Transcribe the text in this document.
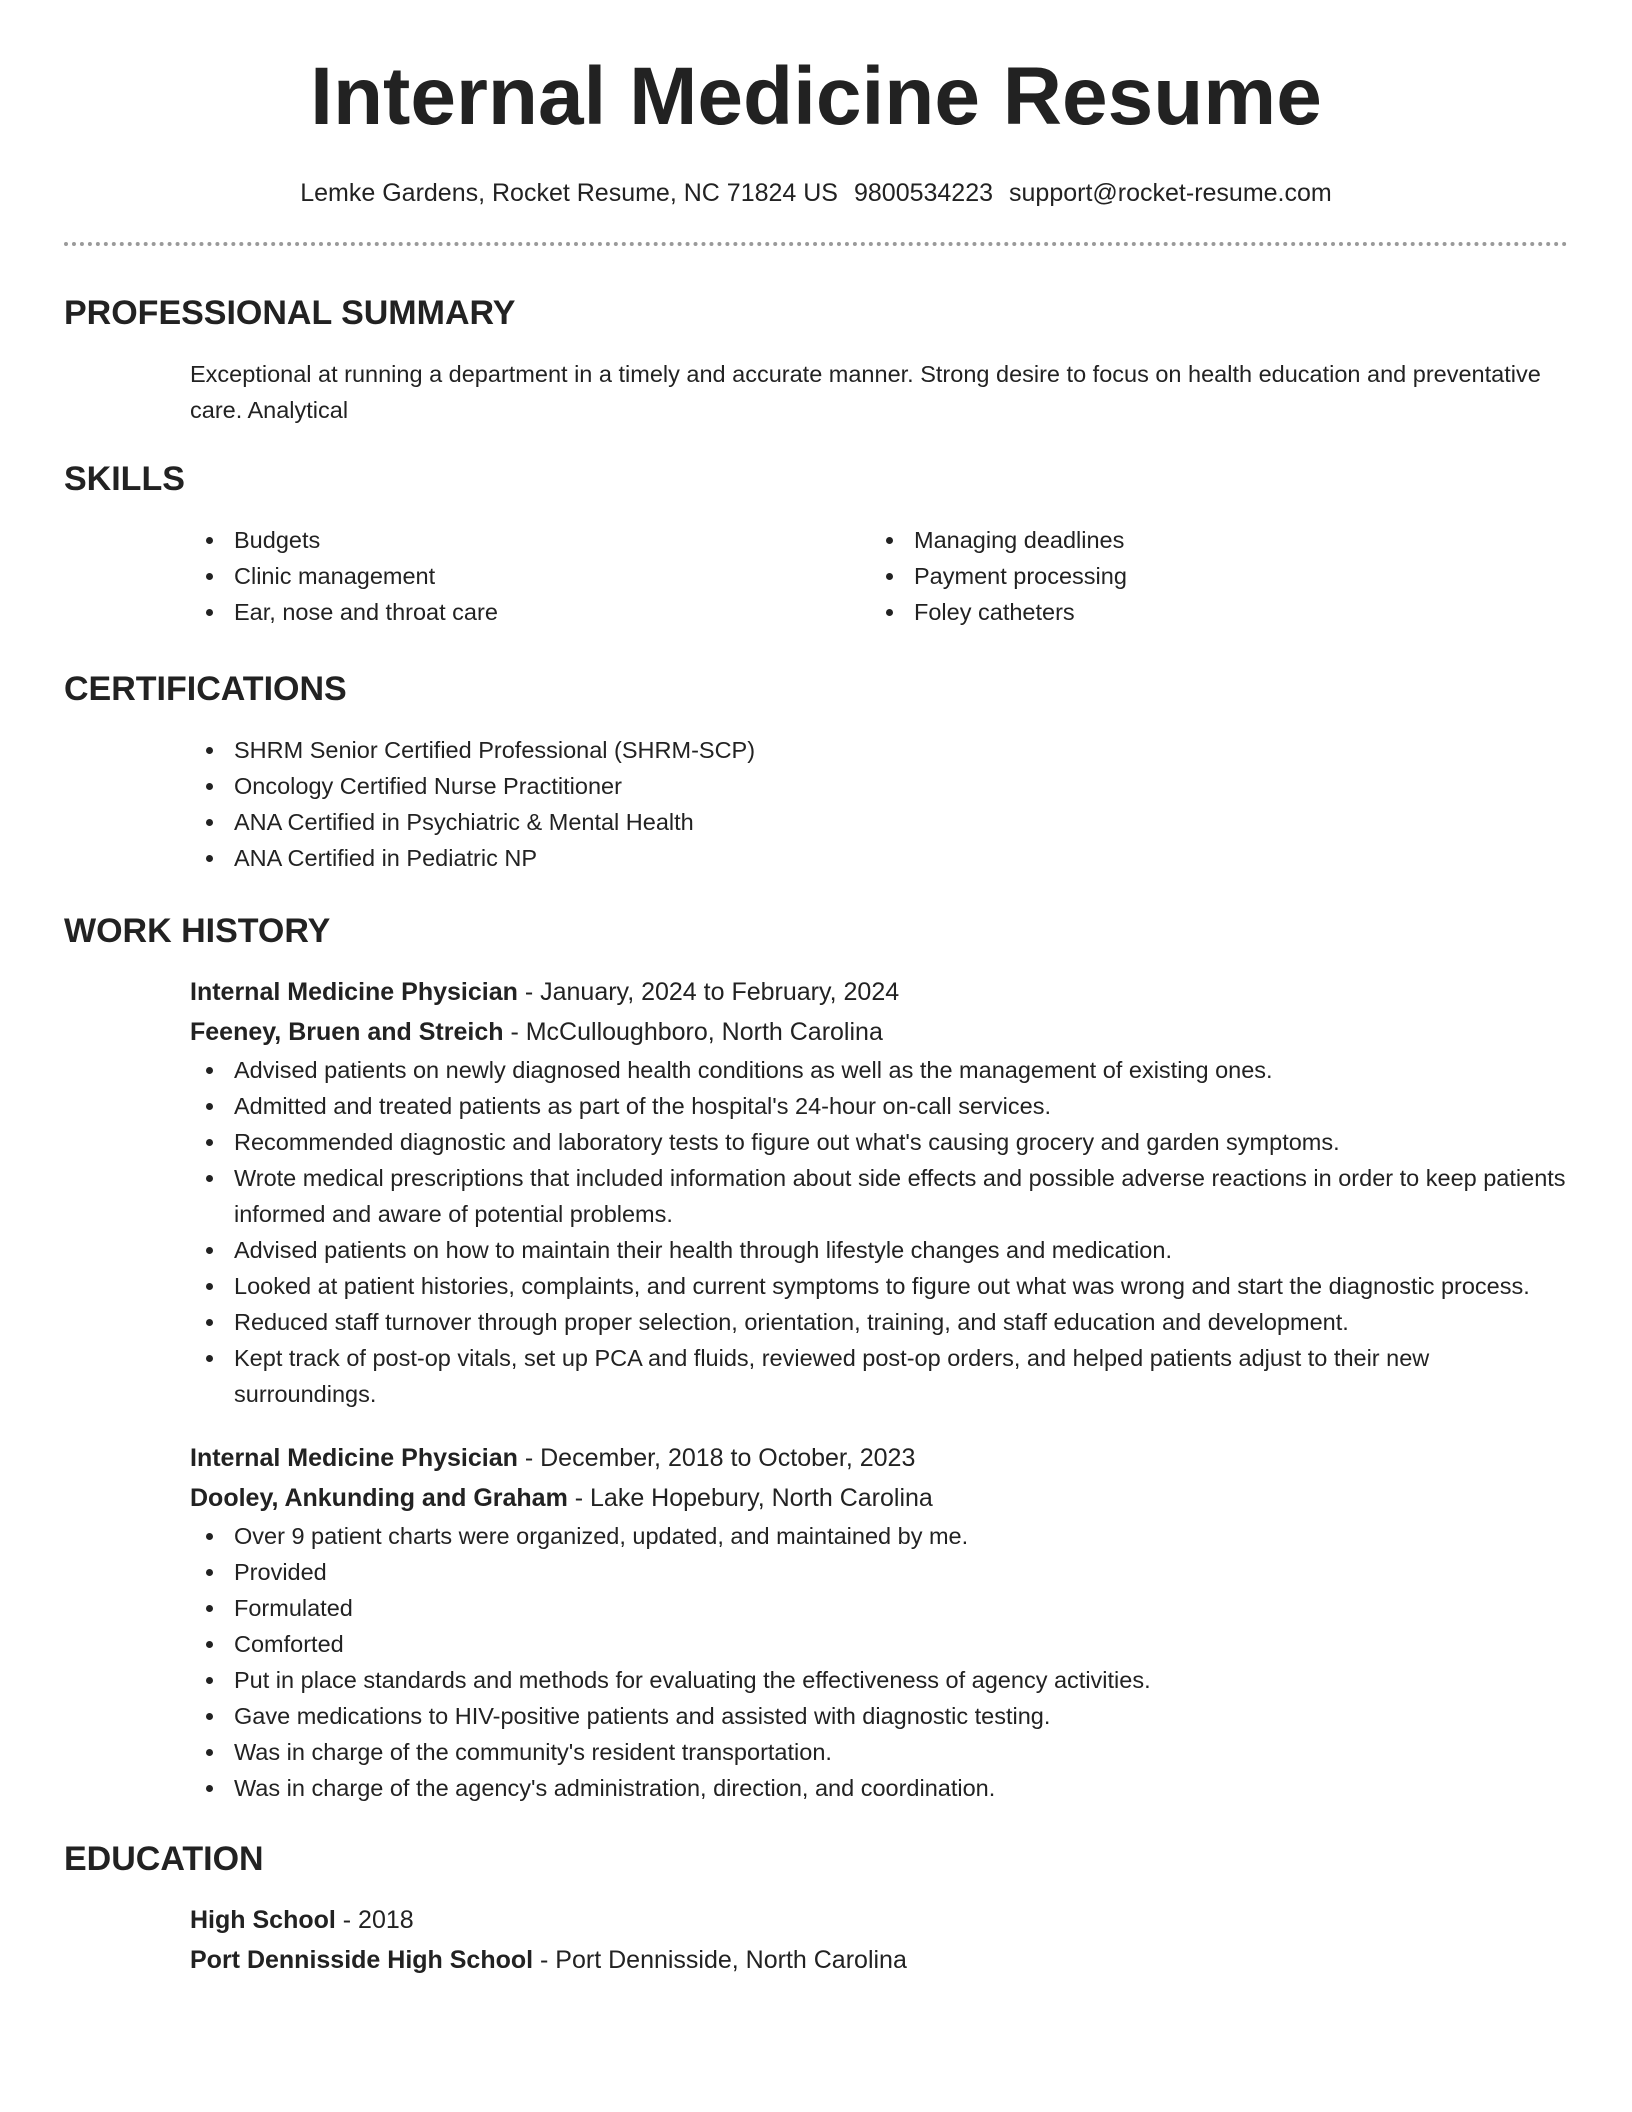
Internal Medicine Resume
Lemke Gardens, Rocket Resume, NC 71824 US 9800534223 support@rocket-resume.com
PROFESSIONAL SUMMARY
Exceptional at running a department in a timely and accurate manner. Strong desire to focus on health education and preventative care. Analytical
SKILLS
Budgets
Clinic management
Ear, nose and throat care
Managing deadlines
Payment processing
Foley catheters
CERTIFICATIONS
SHRM Senior Certified Professional (SHRM-SCP)
Oncology Certified Nurse Practitioner
ANA Certified in Psychiatric & Mental Health
ANA Certified in Pediatric NP
WORK HISTORY
Internal Medicine Physician - January, 2024 to February, 2024
Feeney, Bruen and Streich - McCulloughboro, North Carolina
Advised patients on newly diagnosed health conditions as well as the management of existing ones.
Admitted and treated patients as part of the hospital's 24-hour on-call services.
Recommended diagnostic and laboratory tests to figure out what's causing grocery and garden symptoms.
Wrote medical prescriptions that included information about side effects and possible adverse reactions in order to keep patients informed and aware of potential problems.
Advised patients on how to maintain their health through lifestyle changes and medication.
Looked at patient histories, complaints, and current symptoms to figure out what was wrong and start the diagnostic process.
Reduced staff turnover through proper selection, orientation, training, and staff education and development.
Kept track of post-op vitals, set up PCA and fluids, reviewed post-op orders, and helped patients adjust to their new surroundings.
Internal Medicine Physician - December, 2018 to October, 2023
Dooley, Ankunding and Graham - Lake Hopebury, North Carolina
Over 9 patient charts were organized, updated, and maintained by me.
Provided
Formulated
Comforted
Put in place standards and methods for evaluating the effectiveness of agency activities.
Gave medications to HIV-positive patients and assisted with diagnostic testing.
Was in charge of the community's resident transportation.
Was in charge of the agency's administration, direction, and coordination.
EDUCATION
High School - 2018
Port Dennisside High School - Port Dennisside, North Carolina
